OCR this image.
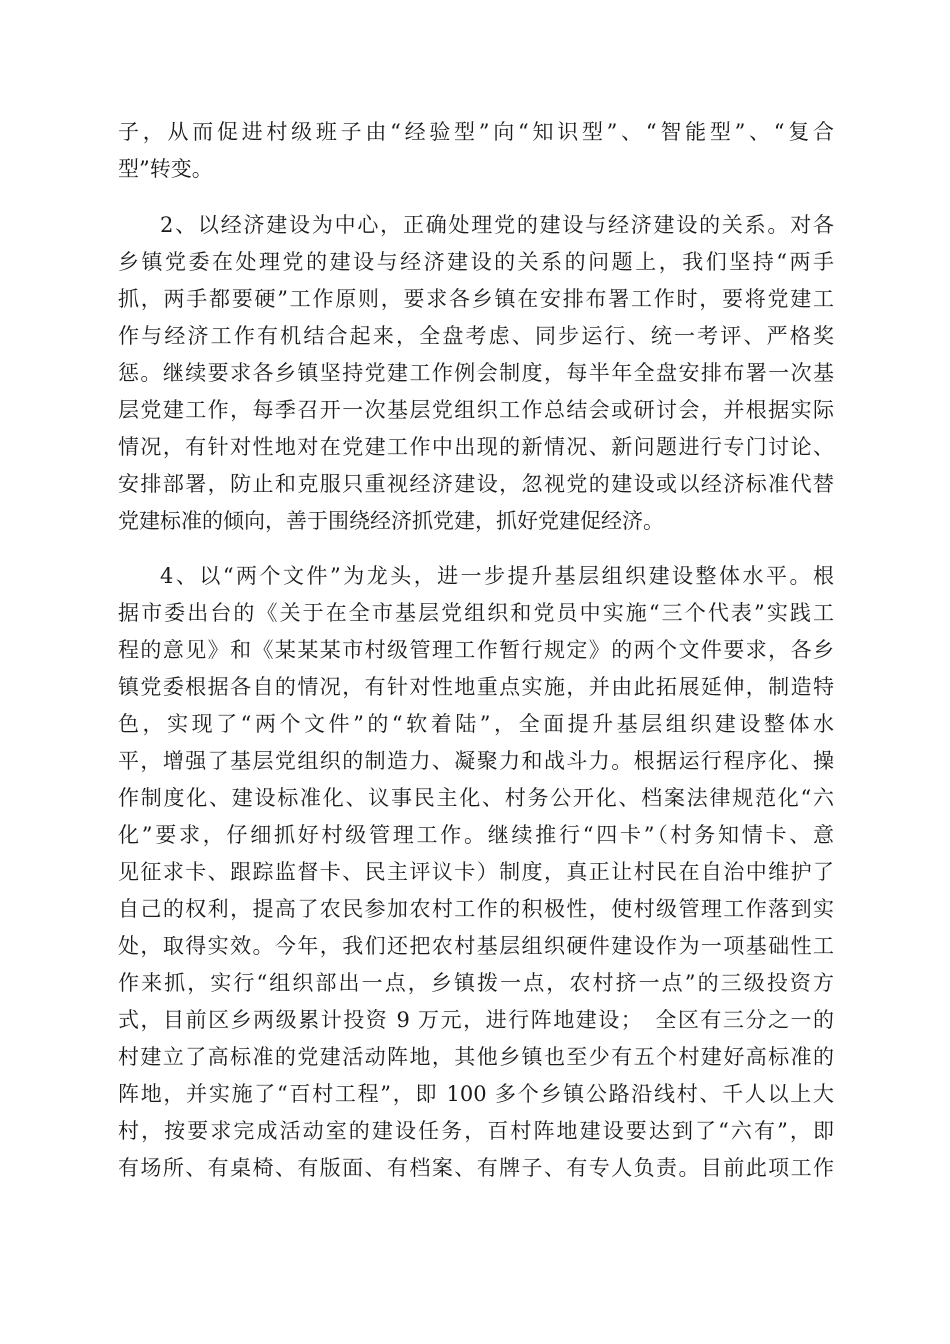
子，从而促进村级班子由“经验型”向“知识型”、“智能型”、“复合
型”转变。
2、以经济建设为中心，正确处理党的建设与经济建设的关系。对各
乡镇党委在处理党的建设与经济建设的关系的问题上，我们坚持“两手
抓，两手都要硬”工作原则，要求各乡镇在安排布署工作时，要将党建工
作与经济工作有机结合起来，全盘考虑、同步运行、统一考评、严格奖
惩。继续要求各乡镇坚持党建工作例会制度，每半年全盘安排布署一次基
层党建工作，每季召开一次基层党组织工作总结会或研讨会，并根据实际
情况，有针对性地对在党建工作中出现的新情况、新问题进行专门讨论、
安排部署，防止和克服只重视经济建设，忽视党的建设或以经济标准代替
党建标准的倾向，善于围绕经济抓党建，抓好党建促经济。
4、以“两个文件”为龙头，进一步提升基层组织建设整体水平。根
据市委出台的《关于在全市基层党组织和党员中实施“三个代表”实践工
程的意见》和《某某某市村级管理工作暂行规定》的两个文件要求，各乡
镇党委根据各自的情况，有针对性地重点实施，并由此拓展延伸，制造特
色，实现了“两个文件”的“软着陆”，全面提升基层组织建设整体水
平，增强了基层党组织的制造力、凝聚力和战斗力。根据运行程序化、操
作制度化、建设标准化、议事民主化、村务公开化、档案法律规范化“六
化”要求，仔细抓好村级管理工作。继续推行“四卡”（村务知情卡、意
见征求卡、跟踪监督卡、民主评议卡）制度，真正让村民在自治中维护了
自己的权利，提高了农民参加农村工作的积极性，使村级管理工作落到实
处，取得实效。今年，我们还把农村基层组织硬件建设作为一项基础性工
作来抓，实行“组织部出一点，乡镇拨一点，农村挤一点”的三级投资方
式，目前区乡两级累计投资 9 万元，进行阵地建设；　全区有三分之一的
村建立了高标准的党建活动阵地，其他乡镇也至少有五个村建好高标准的
阵地，并实施了“百村工程”，即 100 多个乡镇公路沿线村、千人以上大
村，按要求完成活动室的建设任务，百村阵地建设要达到了“六有”，即
有场所、有桌椅、有版面、有档案、有牌子、有专人负责。目前此项工作
